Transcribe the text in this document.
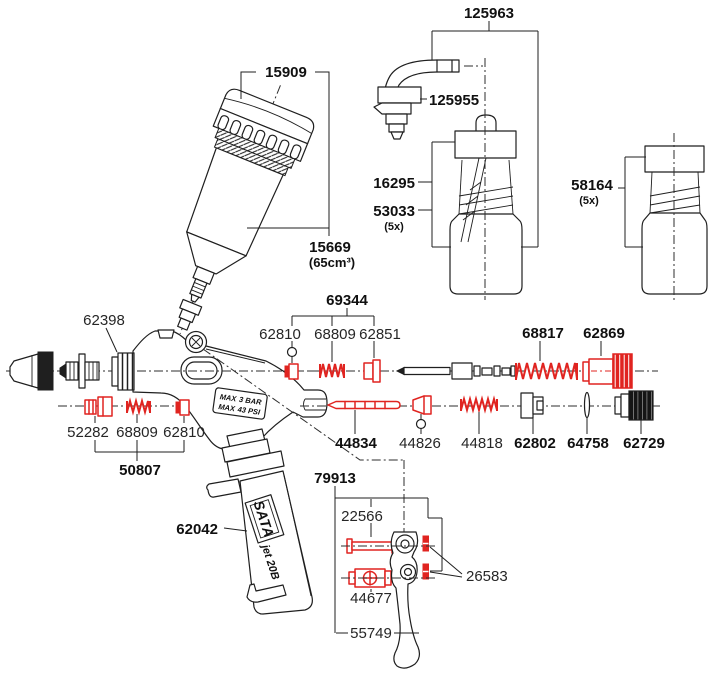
SATA
jet 20B
MAX 3 BAR
MAX 43 PSI
125963
125955
16295
53033
(5x)
58164
(5x)
15909
15669
(65cm³)
69344
62810 68809 62851	68817 62869
62398
52282 68809 62810
50807
44834 44826 44818 62802 64758 62729
62042
79913
22566
44677
26583
55749
